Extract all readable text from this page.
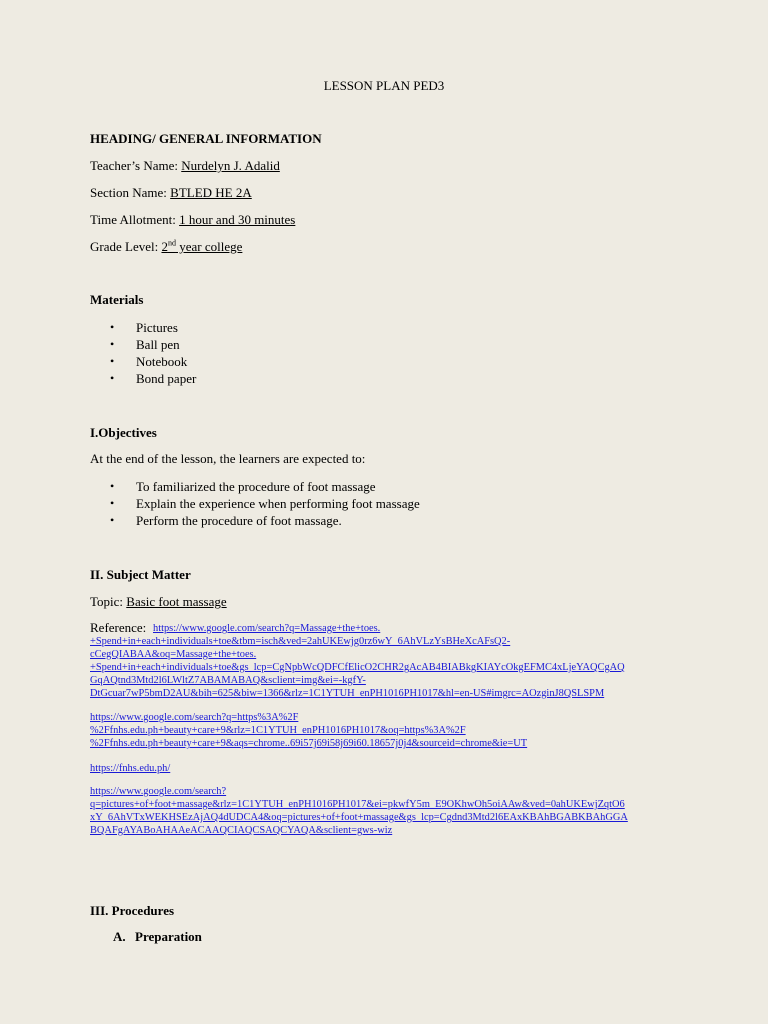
LESSON PLAN PED3
HEADING/ GENERAL INFORMATION
Teacher’s Name: Nurdelyn J. Adalid
Section Name: BTLED HE 2A
Time Allotment: 1 hour and 30 minutes
Grade Level: 2nd year college
Materials
• Pictures
• Ball pen
• Notebook
• Bond paper
I.Objectives
At the end of the lesson, the learners are expected to:
• To familiarized the procedure of foot massage
• Explain the experience when performing foot massage
• Perform the procedure of foot massage.
II. Subject Matter
Topic: Basic foot massage
Reference: https://www.google.com/search?q=Massage+the+toes.
+Spend+in+each+individuals+toe&tbm=isch&ved=2ahUKEwjg0rz6wY_6AhVLzYsBHeXcAFsQ2-
cCegQIABAA&oq=Massage+the+toes.
+Spend+in+each+individuals+toe&gs_lcp=CgNpbWcQDFCfElicO2CHR2gAcAB4BIABkgKIAYcOkgEFMC4xLjeYAQCgAQ
GqAQtnd3Mtd2l6LWltZ7ABAMABAQ&sclient=img&ei=-kgfY-
DtGcuar7wP5bmD2AU&bih=625&biw=1366&rlz=1C1YTUH_enPH1016PH1017&hl=en-US#imgrc=AOzginJ8QSLSPM
https://www.google.com/search?q=https%3A%2F
%2Ffnhs.edu.ph+beauty+care+9&rlz=1C1YTUH_enPH1016PH1017&oq=https%3A%2F
%2Ffnhs.edu.ph+beauty+care+9&aqs=chrome..69i57j69i58j69i60.18657j0j4&sourceid=chrome&ie=UT
https://fnhs.edu.ph/
https://www.google.com/search?
q=pictures+of+foot+massage&rlz=1C1YTUH_enPH1016PH1017&ei=pkwfY5m_E9OKhwOh5oiAAw&ved=0ahUKEwjZqtO6
xY_6AhVTxWEKHSEzAjAQ4dUDCA4&oq=pictures+of+foot+massage&gs_lcp=Cgdnd3Mtd2l6EAxKBAhBGABKBAhGGA
BQAFgAYABoAHAAeACAAQCIAQCSAQCYAQA&sclient=gws-wiz
III. Procedures
A. Preparation
